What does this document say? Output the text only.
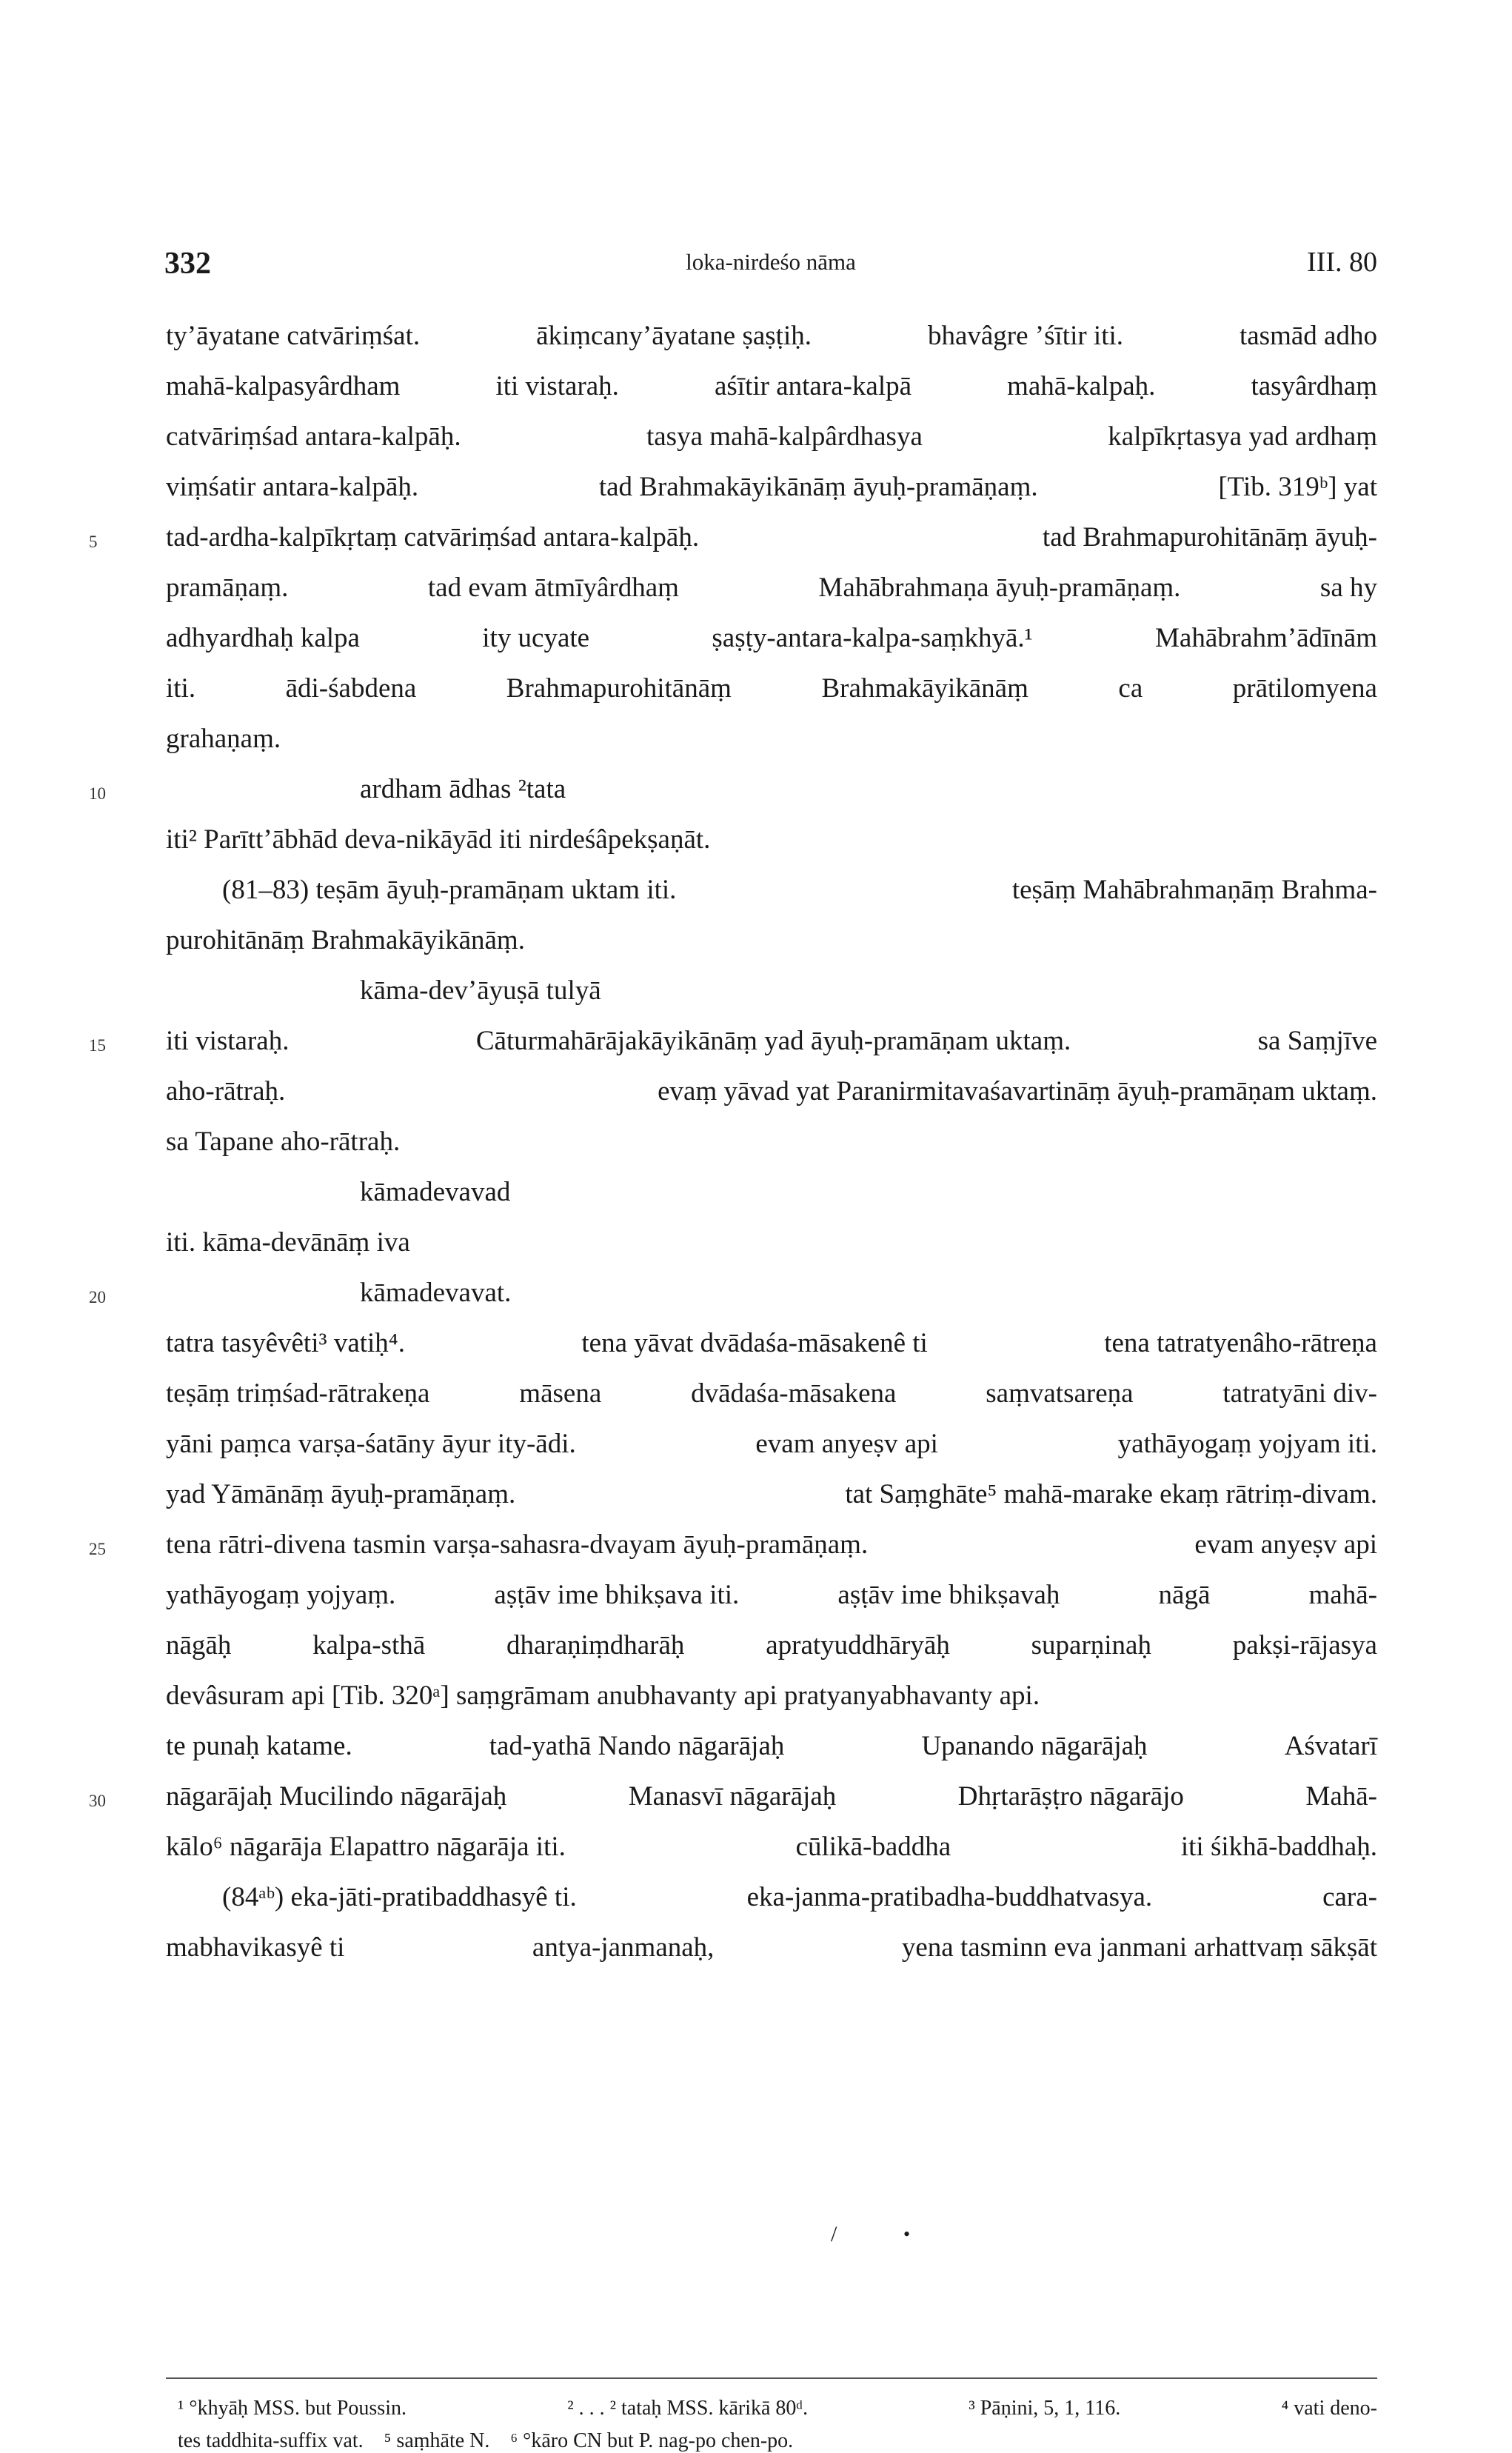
332	loka-nirdeśo nāma	III. 80
ty’āyatane catvāriṃśat.	ākiṃcany’āyatane ṣaṣṭiḥ.	bhavâgre ’śītir iti.	tasmād adho
mahā-kalpasyârdham	iti vistaraḥ.	aśītir antara-kalpā	mahā-kalpaḥ.	tasyârdhaṃ
catvāriṃśad antara-kalpāḥ.	tasya mahā-kalpârdhasya	kalpīkṛtasya yad ardhaṃ
viṃśatir antara-kalpāḥ.	tad Brahmakāyikānāṃ āyuḥ-pramāṇaṃ.	[Tib. 319ᵇ] yat
5	tad-ardha-kalpīkṛtaṃ catvāriṃśad antara-kalpāḥ.	tad Brahmapurohitānāṃ āyuḥ-
pramāṇaṃ.	tad evam ātmīyârdhaṃ	Mahābrahmaṇa āyuḥ-pramāṇaṃ.	sa hy
adhyardhaḥ kalpa	ity ucyate	ṣaṣṭy-antara-kalpa-saṃkhyā.¹	Mahābrahm’ādīnām
iti.	ādi-śabdena	Brahmapurohitānāṃ	Brahmakāyikānāṃ	ca	prātilomyena
grahaṇaṃ.
10	ardham ādhas ²tata
iti² Parītt’ābhād deva-nikāyād iti nirdeśâpekṣaṇāt.
(81–83) teṣām āyuḥ-pramāṇam uktam iti.	teṣāṃ Mahābrahmaṇāṃ Brahma-
purohitānāṃ Brahmakāyikānāṃ.
kāma-dev’āyuṣā tulyā
15	iti vistaraḥ.	Cāturmahārājakāyikānāṃ yad āyuḥ-pramāṇam uktaṃ.	sa Saṃjīve
aho-rātraḥ.	evaṃ yāvad yat Paranirmitavaśavartināṃ āyuḥ-pramāṇam uktaṃ.
sa Tapane aho-rātraḥ.
kāmadevavad
iti. kāma-devānāṃ iva
20	kāmadevavat.
tatra tasyêvêti³ vatiḥ⁴.	tena yāvat dvādaśa-māsakenê ti	tena tatratyenâho-rātreṇa
teṣāṃ triṃśad-rātrakeṇa	māsena	dvādaśa-māsakena	saṃvatsareṇa	tatratyāni div-
yāni paṃca varṣa-śatāny āyur ity-ādi.	evam anyeṣv api	yathāyogaṃ yojyam iti.
yad Yāmānāṃ āyuḥ-pramāṇaṃ.	tat Saṃghāte⁵ mahā-marake ekaṃ rātriṃ-divam.
25	tena rātri-divena tasmin varṣa-sahasra-dvayam āyuḥ-pramāṇaṃ.	evam anyeṣv api
yathāyogaṃ yojyaṃ.	aṣṭāv ime bhikṣava iti.	aṣṭāv ime bhikṣavaḥ	nāgā	mahā-
nāgāḥ	kalpa-sthā	dharaṇiṃdharāḥ	apratyuddhāryāḥ	suparṇinaḥ	pakṣi-rājasya
devâsuram api [Tib. 320ᵃ] saṃgrāmam anubhavanty api pratyanyabhavanty api.
te punaḥ katame.	tad-yathā Nando nāgarājaḥ	Upanando nāgarājaḥ	Aśvatarī
30	nāgarājaḥ Mucilindo nāgarājaḥ	Manasvī nāgarājaḥ	Dhṛtarāṣṭro nāgarājo	Mahā-
kālo⁶ nāgarāja Elapattro nāgarāja iti.	cūlikā-baddha	iti śikhā-baddhaḥ.
(84ᵃᵇ) eka-jāti-pratibaddhasyê ti.	eka-janma-pratibadha-buddhatvasya.	cara-
mabhavikasyê ti	antya-janmanaḥ,	yena tasminn eva janmani arhattvaṃ sākṣāt
¹ °khyāḥ MSS. but Poussin.	² . . . ² tataḥ MSS. kārikā 80ᵈ.	³ Pāṇini, 5, 1, 116.	⁴ vati deno-
tes taddhita-suffix vat.    ⁵ saṃhāte N.    ⁶ °kāro CN but P. nag-po chen-po.
/	•
